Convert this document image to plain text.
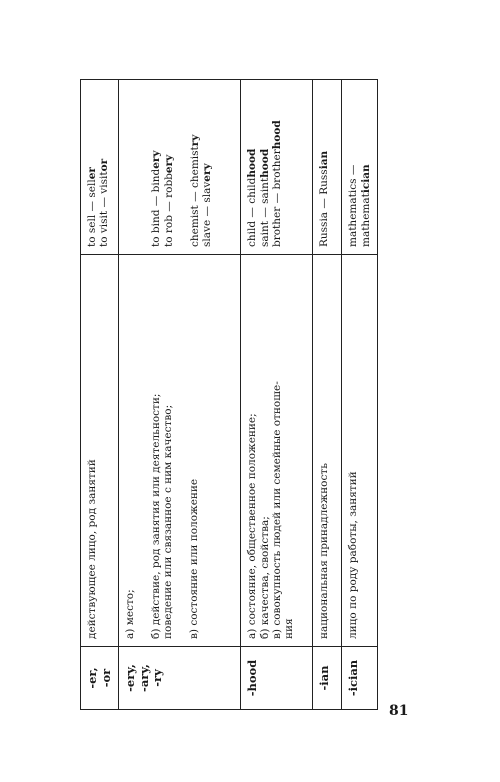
-er, -or	действующее лицо, род занятий	to sell — seller
to visit — visitor

-ery, -ary, -ry	а) место; б) действие, род занятия или деятельности; поведение или связанное с ним качество; в) состояние или положение	to bind — bindery
to rob — robbery
chemist — chemistry
slave — slavery

-hood	а) состояние, общественное положение; б) качества, свойства; в) совокупность людей или семейные отноше- ния	child — childhood
saint — sainthood
brother — brotherhood

-ian	национальная принадлежность	Russia — Russian

-ician	лицо по роду работы, занятий	mathematics — mathematician
81
